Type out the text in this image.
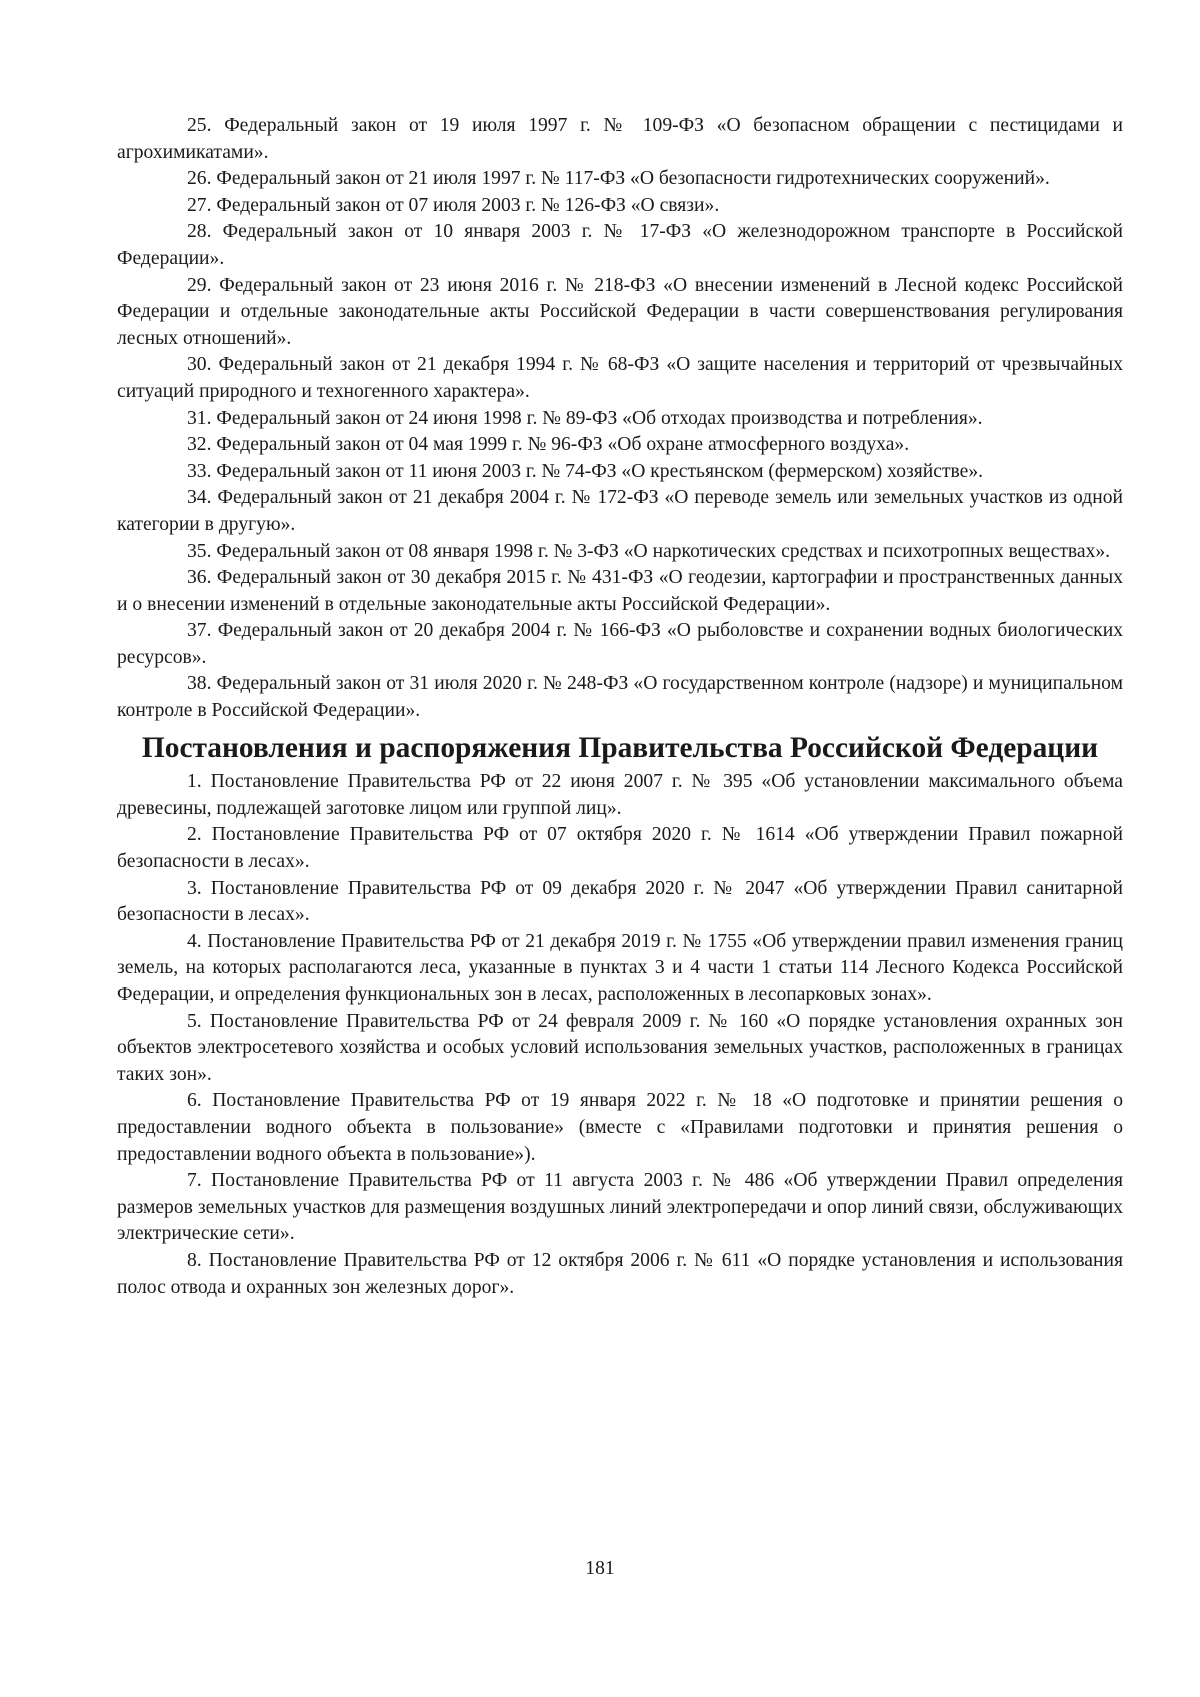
25. Федеральный закон от 19 июля 1997 г. № 109-ФЗ «О безопасном обращении с пестицидами и агрохимикатами».

26. Федеральный закон от 21 июля 1997 г. № 117-ФЗ «О безопасности гидротехнических сооружений».

27. Федеральный закон от 07 июля 2003 г. № 126-ФЗ «О связи».

28. Федеральный закон от 10 января 2003 г. № 17-ФЗ «О железнодорожном транспорте в Российской Федерации».

29. Федеральный закон от 23 июня 2016 г. № 218-ФЗ «О внесении изменений в Лесной кодекс Российской Федерации и отдельные законодательные акты Российской Федерации в части совершенствования регулирования лесных отношений».

30. Федеральный закон от 21 декабря 1994 г. № 68-ФЗ «О защите населения и территорий от чрезвычайных ситуаций природного и техногенного характера».

31. Федеральный закон от 24 июня 1998 г. № 89-ФЗ «Об отходах производства и потребления».

32. Федеральный закон от 04 мая 1999 г. № 96-ФЗ «Об охране атмосферного воздуха».

33. Федеральный закон от 11 июня 2003 г. № 74-ФЗ «О крестьянском (фермерском) хозяйстве».

34. Федеральный закон от 21 декабря 2004 г. № 172-ФЗ «О переводе земель или земельных участков из одной категории в другую».

35. Федеральный закон от 08 января 1998 г. № 3-ФЗ «О наркотических средствах и психотропных веществах».

36. Федеральный закон от 30 декабря 2015 г. № 431-ФЗ «О геодезии, картографии и пространственных данных и о внесении изменений в отдельные законодательные акты Российской Федерации».

37. Федеральный закон от 20 декабря 2004 г. № 166-ФЗ «О рыболовстве и сохранении водных биологических ресурсов».

38. Федеральный закон от 31 июля 2020 г. № 248-ФЗ «О государственном контроле (надзоре) и муниципальном контроле в Российской Федерации».

Постановления и распоряжения Правительства Российской Федерации

1. Постановление Правительства РФ от 22 июня 2007 г. № 395 «Об установлении максимального объема древесины, подлежащей заготовке лицом или группой лиц».

2. Постановление Правительства РФ от 07 октября 2020 г. № 1614 «Об утверждении Правил пожарной безопасности в лесах».

3. Постановление Правительства РФ от 09 декабря 2020 г. № 2047 «Об утверждении Правил санитарной безопасности в лесах».

4. Постановление Правительства РФ от 21 декабря 2019 г. № 1755 «Об утверждении правил изменения границ земель, на которых располагаются леса, указанные в пунктах 3 и 4 части 1 статьи 114 Лесного Кодекса Российской Федерации, и определения функциональных зон в лесах, расположенных в лесопарковых зонах».

5. Постановление Правительства РФ от 24 февраля 2009 г. № 160 «О порядке установления охранных зон объектов электросетевого хозяйства и особых условий использования земельных участков, расположенных в границах таких зон».

6. Постановление Правительства РФ от 19 января 2022 г. № 18 «О подготовке и принятии решения о предоставлении водного объекта в пользование» (вместе с «Правилами подготовки и принятия решения о предоставлении водного объекта в пользование»).

7. Постановление Правительства РФ от 11 августа 2003 г. № 486 «Об утверждении Правил определения размеров земельных участков для размещения воздушных линий электропередачи и опор линий связи, обслуживающих электрические сети».

8. Постановление Правительства РФ от 12 октября 2006 г. № 611 «О порядке установления и использования полос отвода и охранных зон железных дорог».

181
